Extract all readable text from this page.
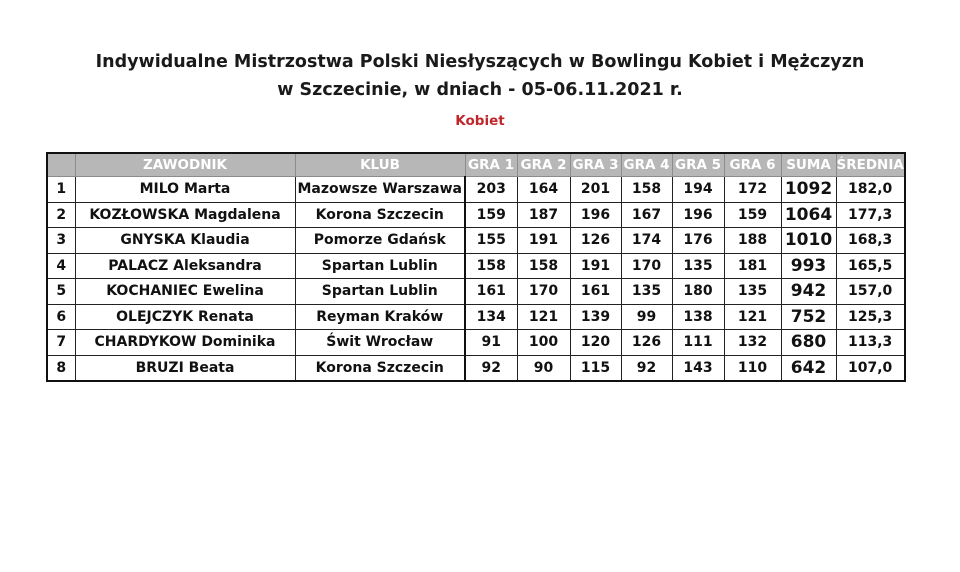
Indywidualne Mistrzostwa Polski Niesłyszących w Bowlingu Kobiet i Mężczyzn
w Szczecinie, w dniach - 05-06.11.2021 r.
Kobiet
	ZAWODNIK	KLUB	GRA 1	GRA 2	GRA 3	GRA 4	GRA 5	GRA 6	SUMA	ŚREDNIA
1	MILO Marta	Mazowsze Warszawa	203	164	201	158	194	172	1092	182,0
2	KOZŁOWSKA Magdalena	Korona Szczecin	159	187	196	167	196	159	1064	177,3
3	GNYSKA Klaudia	Pomorze Gdańsk	155	191	126	174	176	188	1010	168,3
4	PALACZ Aleksandra	Spartan Lublin	158	158	191	170	135	181	993	165,5
5	KOCHANIEC Ewelina	Spartan Lublin	161	170	161	135	180	135	942	157,0
6	OLEJCZYK Renata	Reyman Kraków	134	121	139	99	138	121	752	125,3
7	CHARDYKOW Dominika	Świt Wrocław	91	100	120	126	111	132	680	113,3
8	BRUZI Beata	Korona Szczecin	92	90	115	92	143	110	642	107,0
